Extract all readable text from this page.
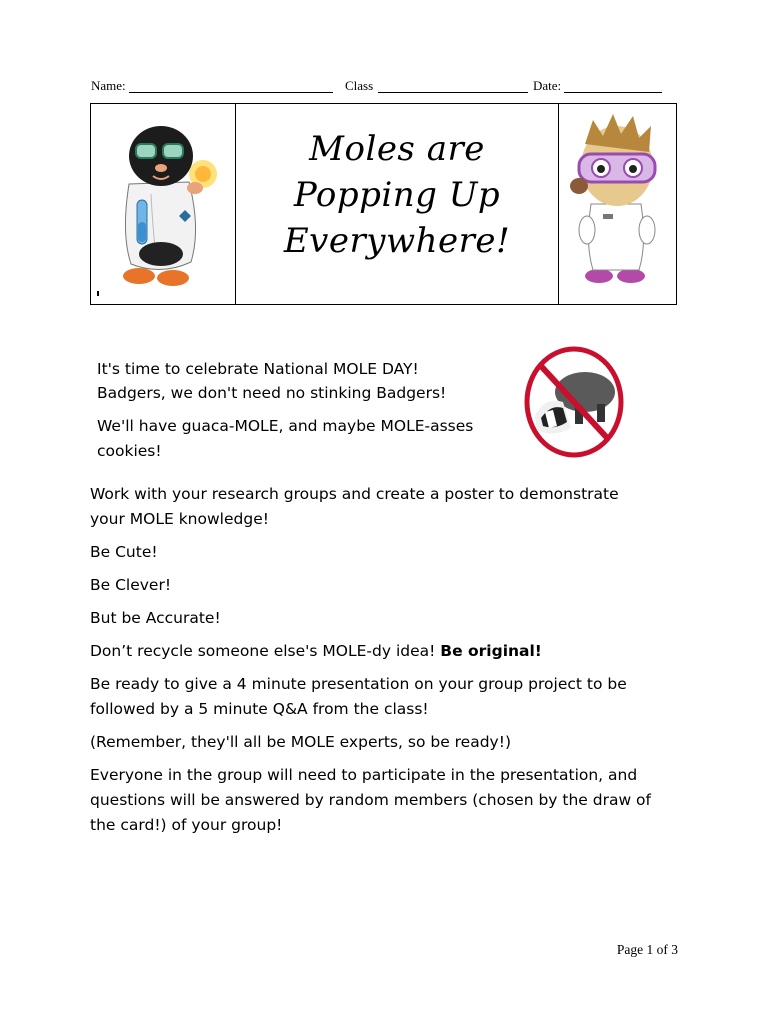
Name:	Class	Date:
Moles are
Popping Up
Everywhere!
It's time to celebrate National MOLE DAY!
Badgers, we don't need no stinking Badgers!
We'll have guaca-MOLE, and maybe MOLE-asses
cookies!
Work with your research groups and create a poster to demonstrate
your MOLE knowledge!
Be Cute!
Be Clever!
But be Accurate!
Don’t recycle someone else's MOLE-dy idea! Be original!
Be ready to give a 4 minute presentation on your group project to be
followed by a 5 minute Q&A from the class!
(Remember, they'll all be MOLE experts, so be ready!)
Everyone in the group will need to participate in the presentation, and
questions will be answered by random members (chosen by the draw of
the card!) of your group!
Page 1 of 3
